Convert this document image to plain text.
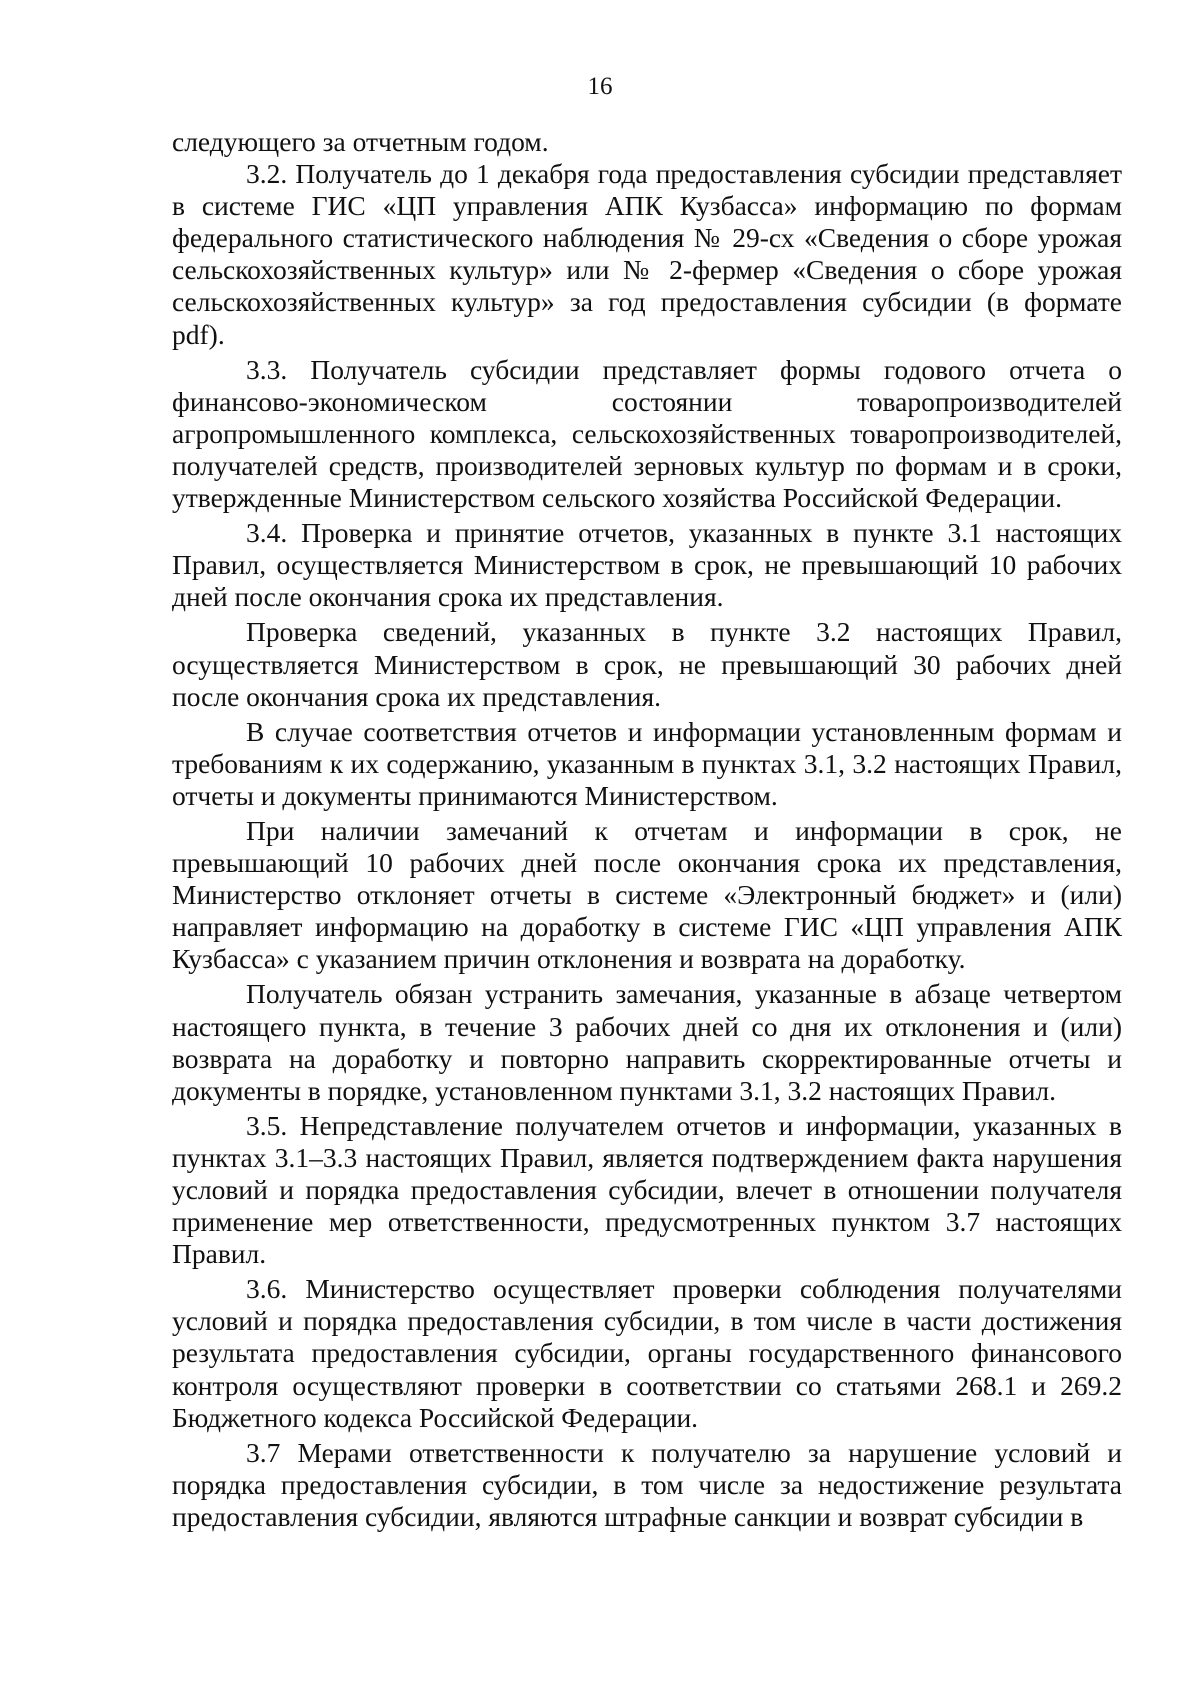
16

следующего за отчетным годом.

3.2. Получатель до 1 декабря года предоставления субсидии представляет в системе ГИС «ЦП управления АПК Кузбасса» информацию по формам федерального статистического наблюдения № 29-сх «Сведения о сборе урожая сельскохозяйственных культур» или № 2-фермер «Сведения о сборе урожая сельскохозяйственных культур» за год предоставления субсидии (в формате pdf).

3.3. Получатель субсидии представляет формы годового отчета о финансово-экономическом состоянии товаропроизводителей агропромышленного комплекса, сельскохозяйственных товаропроизводителей, получателей средств, производителей зерновых культур по формам и в сроки, утвержденные Министерством сельского хозяйства Российской Федерации.

3.4. Проверка и принятие отчетов, указанных в пункте 3.1 настоящих Правил, осуществляется Министерством в срок, не превышающий 10 рабочих дней после окончания срока их представления.

Проверка сведений, указанных в пункте 3.2 настоящих Правил, осуществляется Министерством в срок, не превышающий 30 рабочих дней после окончания срока их представления.

В случае соответствия отчетов и информации установленным формам и требованиям к их содержанию, указанным в пунктах 3.1, 3.2 настоящих Правил, отчеты и документы принимаются Министерством.

При наличии замечаний к отчетам и информации в срок, не превышающий 10 рабочих дней после окончания срока их представления, Министерство отклоняет отчеты в системе «Электронный бюджет» и (или) направляет информацию на доработку в системе ГИС «ЦП управления АПК Кузбасса» с указанием причин отклонения и возврата на доработку.

Получатель обязан устранить замечания, указанные в абзаце четвертом настоящего пункта, в течение 3 рабочих дней со дня их отклонения и (или) возврата на доработку и повторно направить скорректированные отчеты и документы в порядке, установленном пунктами 3.1, 3.2 настоящих Правил.

3.5. Непредставление получателем отчетов и информации, указанных в пунктах 3.1–3.3 настоящих Правил, является подтверждением факта нарушения условий и порядка предоставления субсидии, влечет в отношении получателя применение мер ответственности, предусмотренных пунктом 3.7 настоящих Правил.

3.6. Министерство осуществляет проверки соблюдения получателями условий и порядка предоставления субсидии, в том числе в части достижения результата предоставления субсидии, органы государственного финансового контроля осуществляют проверки в соответствии со статьями 268.1 и 269.2 Бюджетного кодекса Российской Федерации.

3.7 Мерами ответственности к получателю за нарушение условий и порядка предоставления субсидии, в том числе за недостижение результата предоставления субсидии, являются штрафные санкции и возврат субсидии в
